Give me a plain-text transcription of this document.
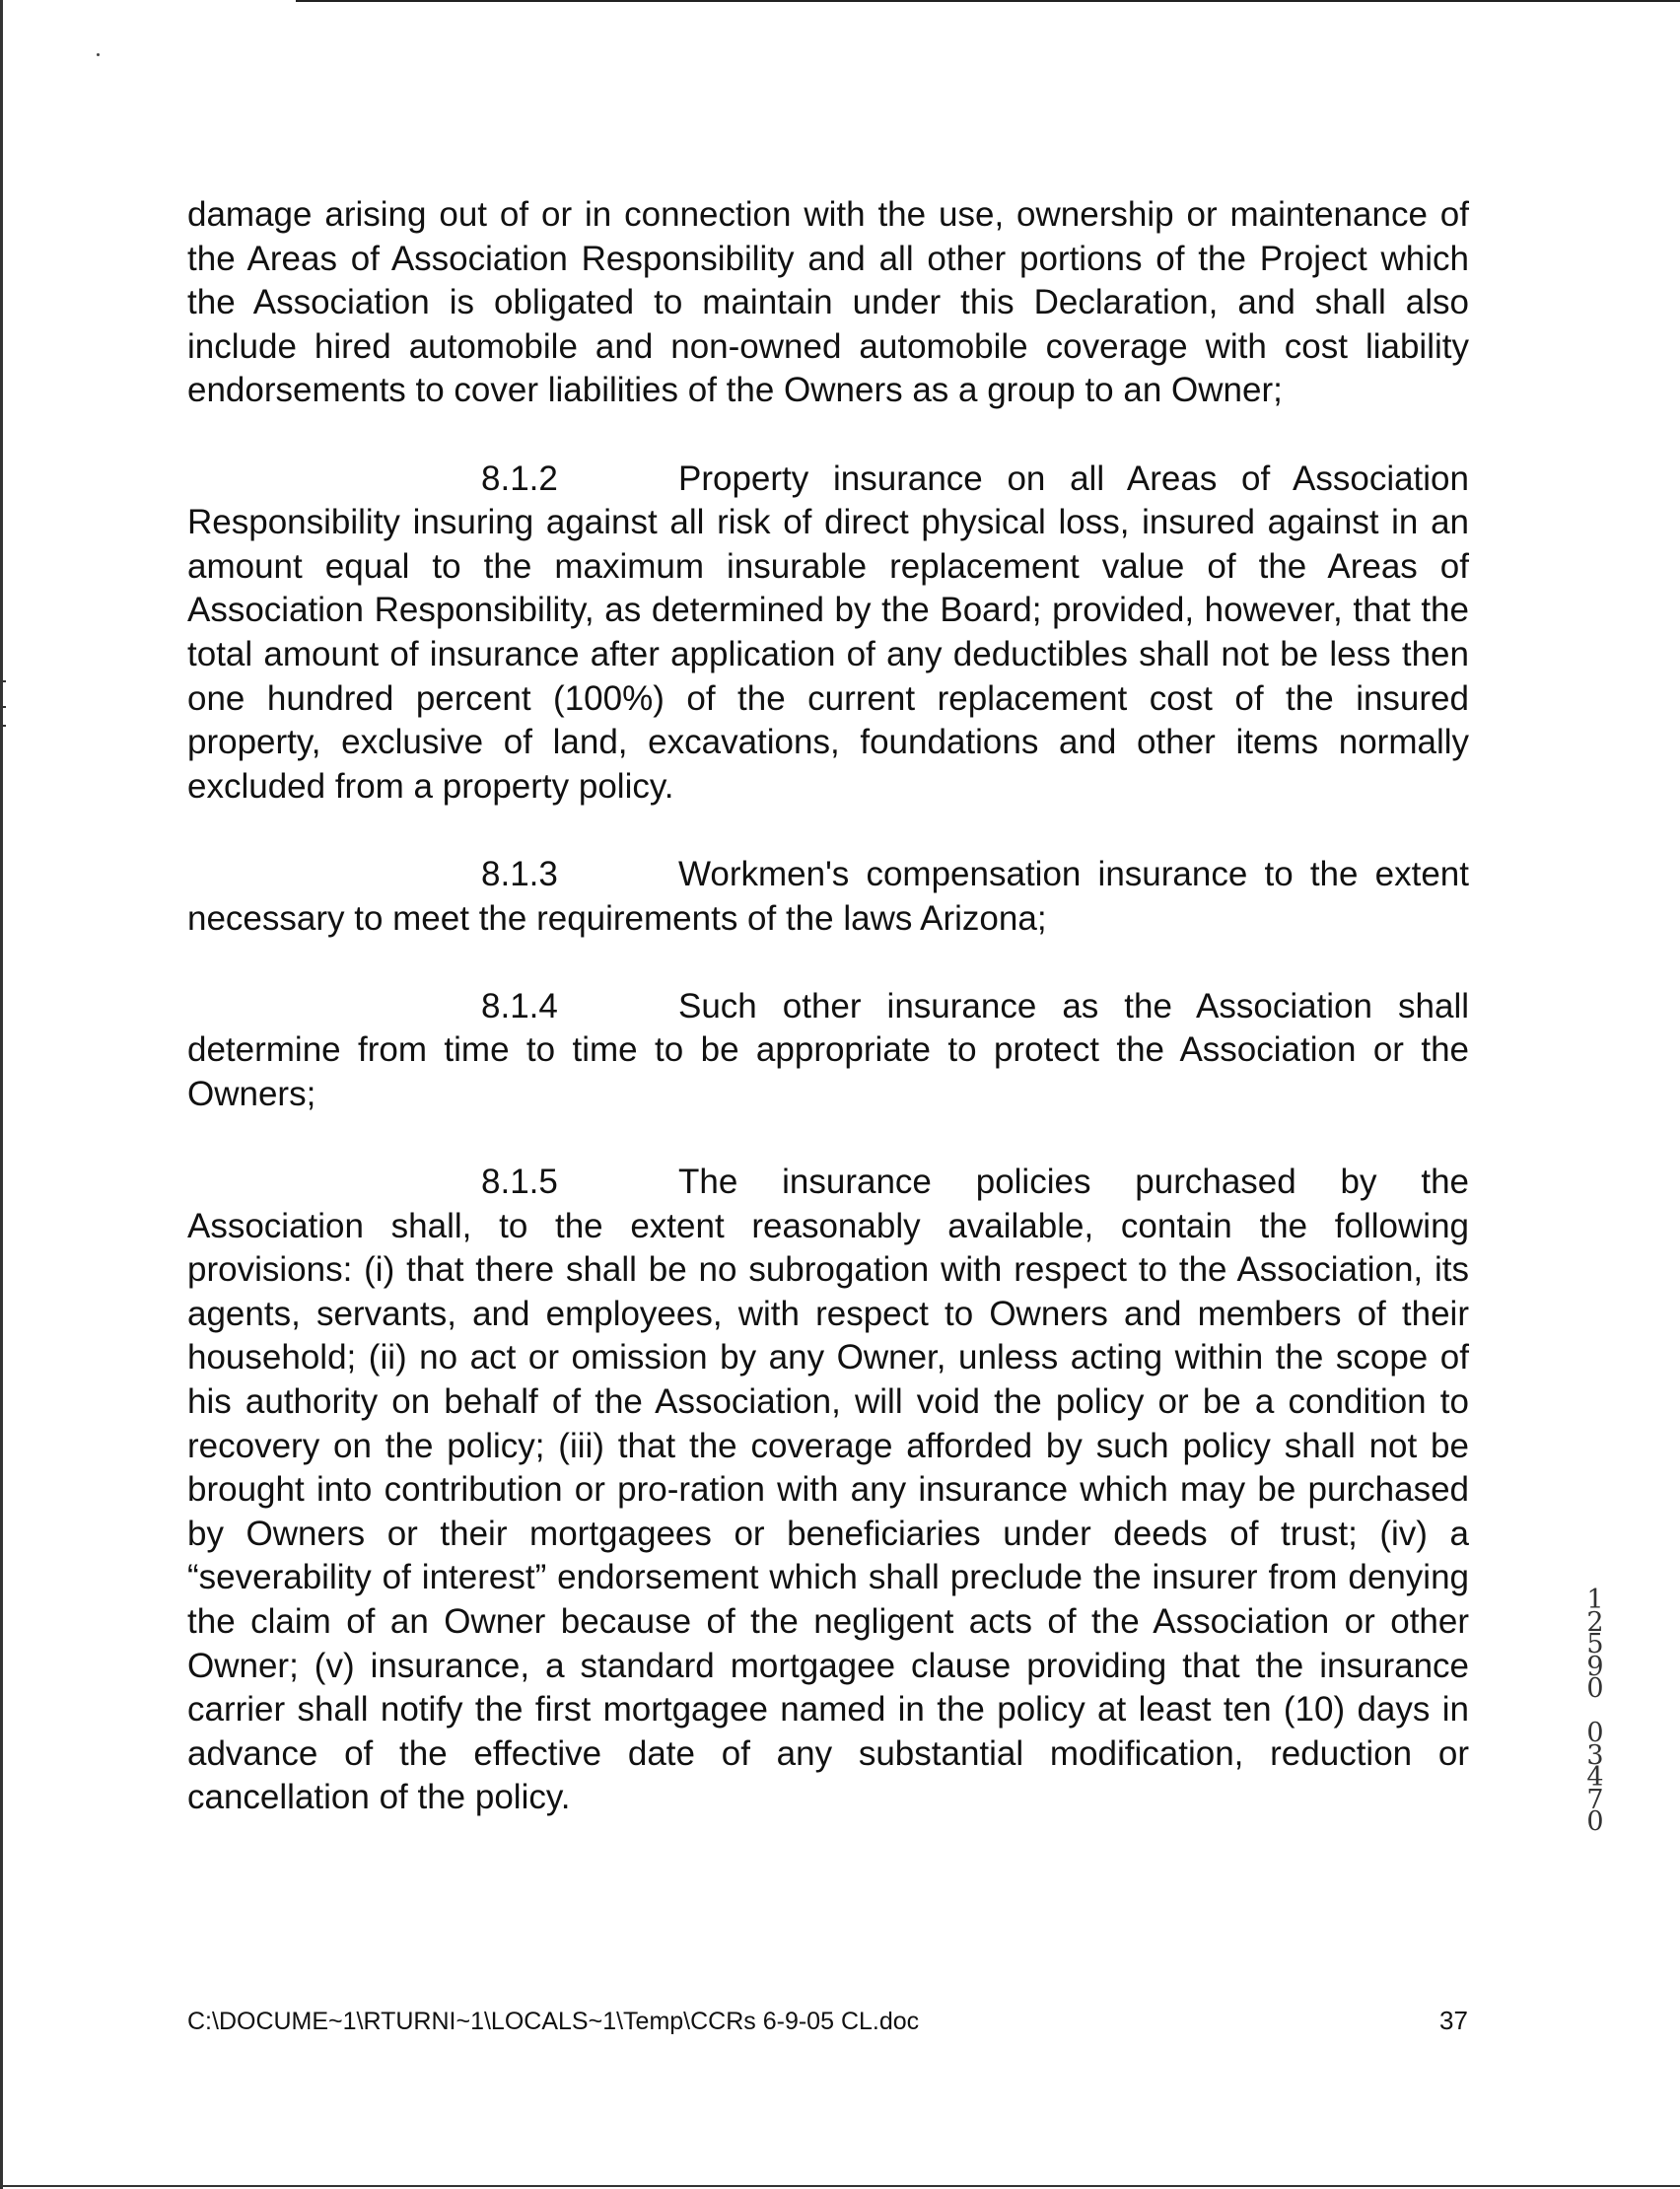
damage arising out of or in connection with the use, ownership or maintenance of the Areas of Association Responsibility and all other portions of the Project which the Association is obligated to maintain under this Declaration, and shall also include hired automobile and non-owned automobile coverage with cost liability endorsements to cover liabilities of the Owners as a group to an Owner;

8.1.2	Property insurance on all Areas of Association Responsibility insuring against all risk of direct physical loss, insured against in an amount equal to the maximum insurable replacement value of the Areas of Association Responsibility, as determined by the Board; provided, however, that the total amount of insurance after application of any deductibles shall not be less then one hundred percent (100%) of the current replacement cost of the insured property, exclusive of land, excavations, foundations and other items normally excluded from a property policy.

8.1.3	Workmen's compensation insurance to the extent necessary to meet the requirements of the laws Arizona;

8.1.4	Such other insurance as the Association shall determine from time to time to be appropriate to protect the Association or the Owners;

8.1.5	The insurance policies purchased by the Association shall, to the extent reasonably available, contain the following provisions: (i) that there shall be no subrogation with respect to the Association, its agents, servants, and employees, with respect to Owners and members of their household; (ii) no act or omission by any Owner, unless acting within the scope of his authority on behalf of the Association, will void the policy or be a condition to recovery on the policy; (iii) that the coverage afforded by such policy shall not be brought into contribution or pro-ration with any insurance which may be purchased by Owners or their mortgagees or beneficiaries under deeds of trust; (iv) a “severability of interest” endorsement which shall preclude the insurer from denying the claim of an Owner because of the negligent acts of the Association or other Owner; (v) insurance, a standard mortgagee clause providing that the insurance carrier shall notify the first mortgagee named in the policy at least ten (10) days in advance of the effective date of any substantial modification, reduction or cancellation of the policy.

C:\DOCUME~1\RTURNI~1\LOCALS~1\Temp\CCRs 6-9-05 CL.doc	37
1
2
5
9
0

0
3
4
7
0
